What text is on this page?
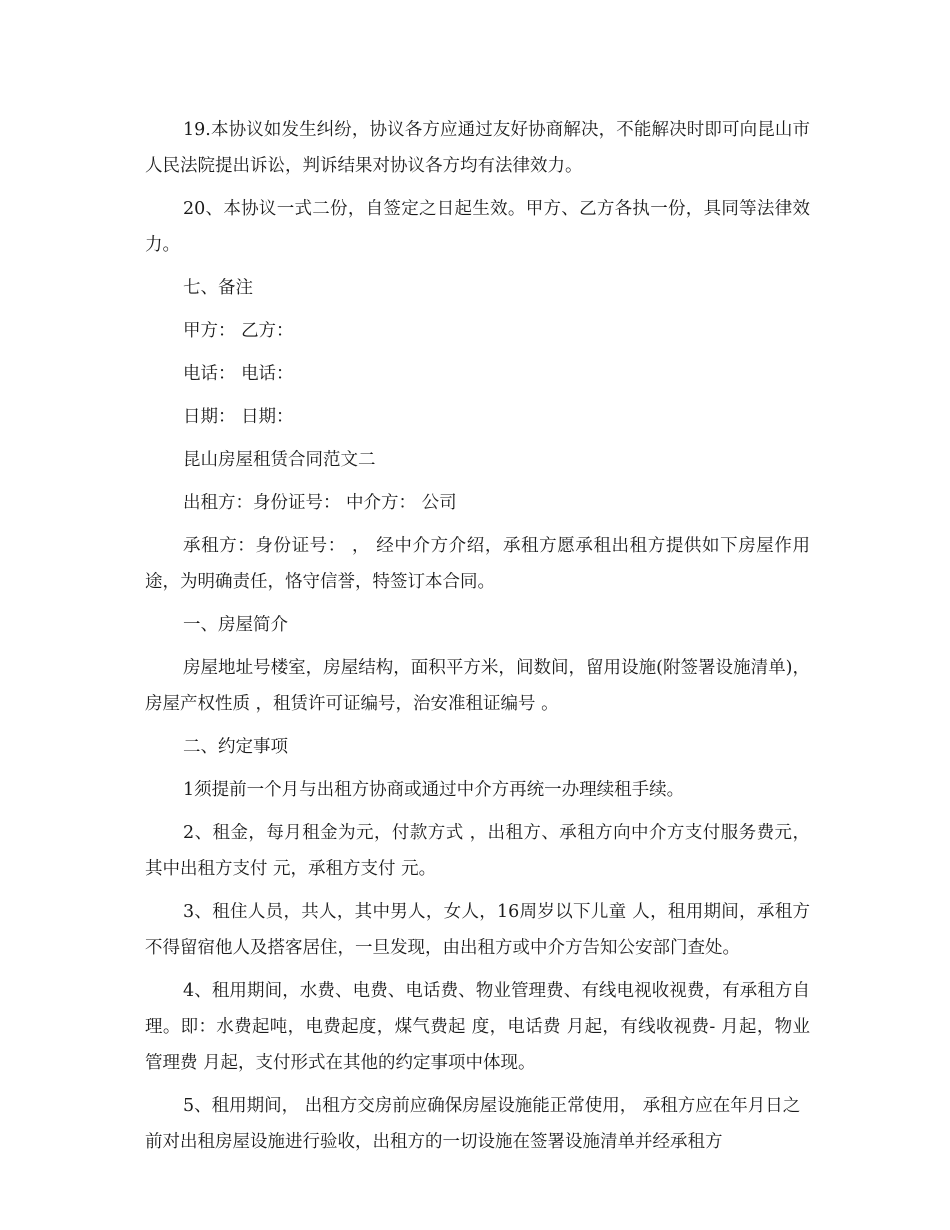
19.本协议如发生纠纷，协议各方应通过友好协商解决，不能解决时即可向昆山市人民法院提出诉讼，判诉结果对协议各方均有法律效力。

20、本协议一式二份，自签定之日起生效。甲方、乙方各执一份，具同等法律效力。

七、备注

甲方： 乙方：

电话： 电话：

日期： 日期：

昆山房屋租赁合同范文二

出租方：身份证号： 中介方： 公司

承租方：身份证号： ， 经中介方介绍，承租方愿承租出租方提供如下房屋作用途，为明确责任，恪守信誉，特签订本合同。

一、房屋简介

房屋地址号楼室，房屋结构，面积平方米，间数间，留用设施(附签署设施清单)， 房屋产权性质 ，租赁许可证编号，治安准租证编号 。

二、约定事项

1须提前一个月与出租方协商或通过中介方再统一办理续租手续。

2、租金，每月租金为元，付款方式 ，出租方、承租方向中介方支付服务费元，其中出租方支付 元，承租方支付 元。

3、租住人员，共人，其中男人，女人，16周岁以下儿童 人，租用期间，承租方不得留宿他人及搭客居住，一旦发现，由出租方或中介方告知公安部门查处。

4、租用期间，水费、电费、电话费、物业管理费、有线电视收视费，有承租方自理。即：水费起吨，电费起度，煤气费起 度，电话费 月起，有线收视费- 月起，物业管理费 月起，支付形式在其他的约定事项中体现。

5、租用期间， 出租方交房前应确保房屋设施能正常使用， 承租方应在年月日之前对出租房屋设施进行验收，出租方的一切设施在签署设施清单并经承租方
